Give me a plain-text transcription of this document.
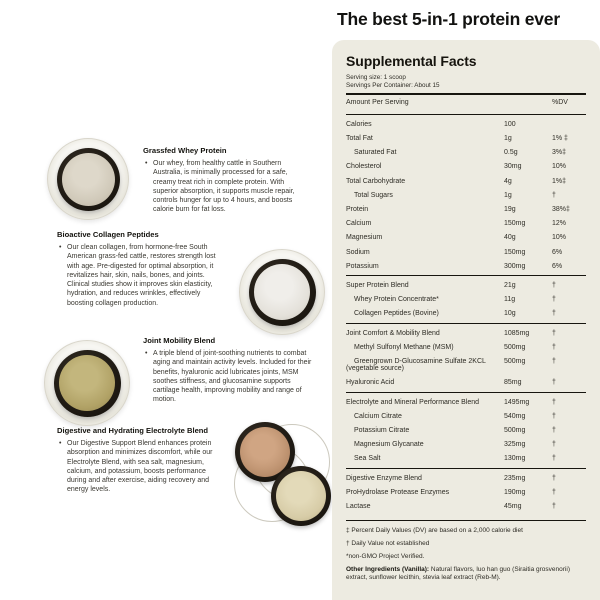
The best 5-in-1 protein ever
Grassfed Whey Protein
• Our whey, from healthy cattle in Southern Australia, is minimally processed for a safe, creamy treat rich in complete protein. With superior absorption, it supports muscle repair, controls hunger for up to 4 hours, and boosts calorie burn for fat loss.
Bioactive Collagen Peptides
• Our clean collagen, from hormone-free South American grass-fed cattle, restores strength lost with age. Pre-digested for optimal absorption, it revitalizes hair, skin, nails, bones, and joints. Clinical studies show it improves skin elasticity, hydration, and reduces wrinkles, effectively boosting collagen production.
Joint Mobility Blend
• A triple blend of joint-soothing nutrients to combat aging and maintain activity levels. Included for their benefits, hyaluronic acid lubricates joints, MSM soothes stiffness, and glucosamine supports cartilage health, improving mobility and range of motion.
Digestive and Hydrating Electrolyte Blend
• Our Digestive Support Blend enhances protein absorption and minimizes discomfort, while our Electrolyte Blend, with sea salt, magnesium, calcium, and potassium, boosts performance during and after exercise, aiding recovery and energy levels.
Supplemental Facts
Serving size: 1 scoop
Servings Per Container: About 15
Amount Per Serving	%DV
Calories	100
Total Fat	1g	1% ‡
Saturated Fat	0.5g	3%‡
Cholesterol	30mg	10%
Total Carbohydrate	4g	1%‡
Total Sugars	1g	†
Protein	19g	38%‡
Calcium	150mg	12%
Magnesium	40g	10%
Sodium	150mg	6%
Potassium	300mg	6%
Super Protein Blend	21g	†
Whey Protein Concentrate*	11g	†
Collagen Peptides (Bovine)	10g	†
Joint Comfort & Mobility Blend	1085mg	†
Methyl Sulfonyl Methane (MSM)	500mg	†
Greengrown D-Glucosamine Sulfate 2KCL (vegetable source)
500mg	†
Hyaluronic Acid	85mg	†
Electrolyte and Mineral Performance Blend	1495mg	†
Calcium Citrate	540mg	†
Potassium Citrate	500mg	†
Magnesium Glycanate	325mg	†
Sea Salt	130mg	†
Digestive Enzyme Blend	235mg	†
ProHydrolase Protease Enzymes	190mg	†
Lactase	45mg	†
‡ Percent Daily Values (DV) are based on a 2,000 calorie diet
† Daily Value not established
*non-GMO Project Verified.
Other Ingredients (Vanilla): Natural flavors, luo han guo (Siraitia grosvenorii) extract, sunflower lecithin, stevia leaf extract (Reb-M).
